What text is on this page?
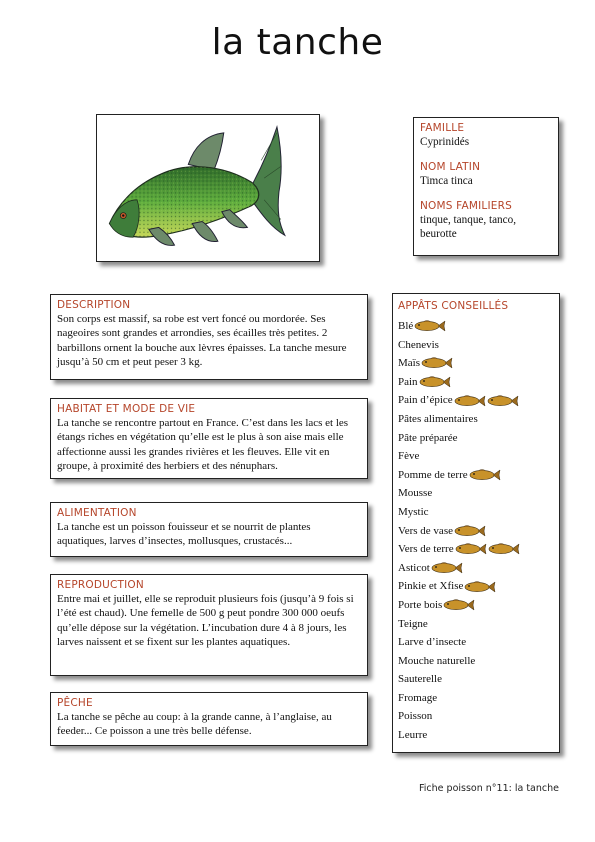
la tanche

FAMILLE

Cyprinidés

NOM LATIN

Timca tinca

NOMS FAMILIERS

tinque, tanque, tanco, beurotte

DESCRIPTION

Son corps est massif, sa robe est vert foncé ou mordorée. Ses nageoires sont grandes et arrondies, ses écailles très petites. 2 barbillons ornent la bouche aux lèvres épaisses. La tanche mesure jusqu’à 50 cm et peut peser 3 kg.

HABITAT ET MODE DE VIE

La tanche se rencontre partout en France. C’est dans les lacs et les étangs riches en végétation qu’elle est le plus à son aise mais elle affectionne aussi les grandes rivières et les fleuves. Elle vit en groupe, à proximité des herbiers et des nénuphars.

ALIMENTATION

La tanche est un poisson fouisseur et se nourrit de plantes aquatiques, larves d’insectes, mollusques, crustacés...

REPRODUCTION

Entre mai et juillet, elle se reproduit plusieurs fois (jusqu’à 9 fois si l’été est chaud). Une femelle de 500 g peut pondre 300 000 oeufs qu’elle dépose sur la végétation. L’incubation dure 4 à 8 jours, les larves naissent et se fixent sur les plantes aquatiques.

PÊCHE

La tanche se pêche au coup: à la grande canne, à l’anglaise, au feeder... Ce poisson a une très belle défense.

APPÂTS CONSEILLÉS

Blé
Chenevis
Maïs
Pain
Pain d’épice
Pâtes alimentaires
Pâte préparée
Fève
Pomme de terre
Mousse
Mystic
Vers de vase
Vers de terre
Asticot
Pinkie et Xfise
Porte bois
Teigne
Larve d’insecte
Mouche naturelle
Sauterelle
Fromage
Poisson
Leurre
Fiche poisson n°11: la tanche
